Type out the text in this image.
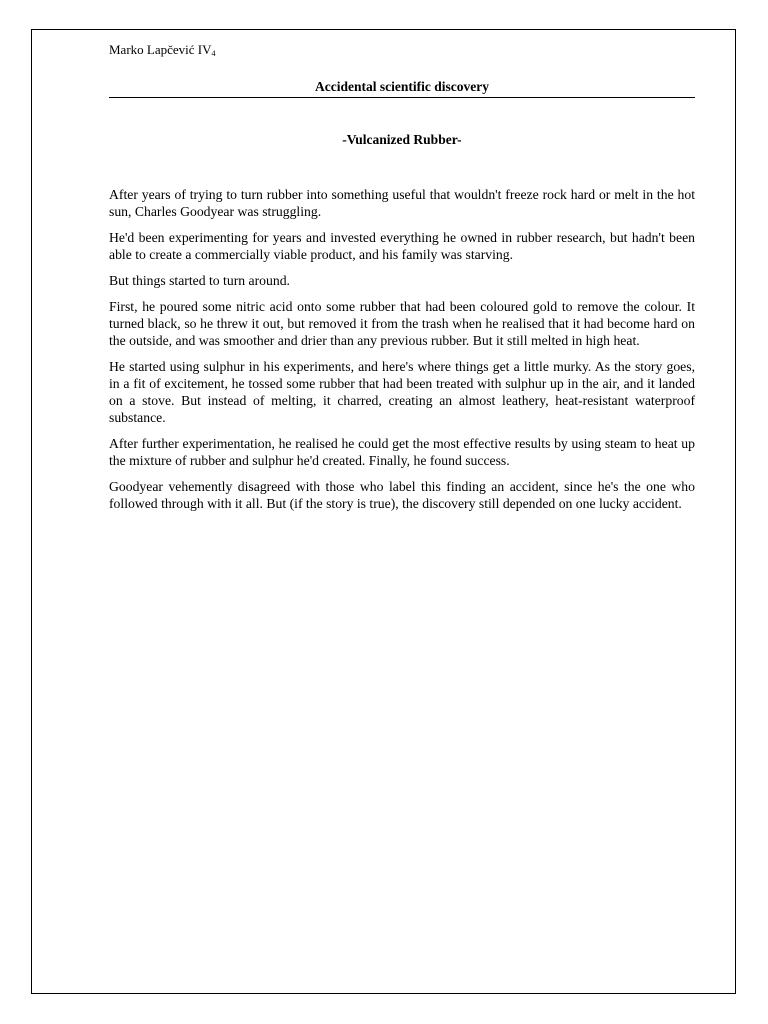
Marko Lapčević $IV_4$

Accidental scientific discovery
-Vulcanized Rubber-

After years of trying to turn rubber into something useful that wouldn't freeze rock hard or melt in the hot sun, Charles Goodyear was struggling.

He'd been experimenting for years and invested everything he owned in rubber research, but hadn't been able to create a commercially viable product, and his family was starving.

But things started to turn around.

First, he poured some nitric acid onto some rubber that had been coloured gold to remove the colour. It turned black, so he threw it out, but removed it from the trash when he realised that it had become hard on the outside, and was smoother and drier than any previous rubber. But it still melted in high heat.

He started using sulphur in his experiments, and here's where things get a little murky. As the story goes, in a fit of excitement, he tossed some rubber that had been treated with sulphur up in the air, and it landed on a stove. But instead of melting, it charred, creating an almost leathery, heat-resistant waterproof substance.

After further experimentation, he realised he could get the most effective results by using steam to heat up the mixture of rubber and sulphur he'd created. Finally, he found success.

Goodyear vehemently disagreed with those who label this finding an accident, since he's the one who followed through with it all. But (if the story is true), the discovery still depended on one lucky accident.
